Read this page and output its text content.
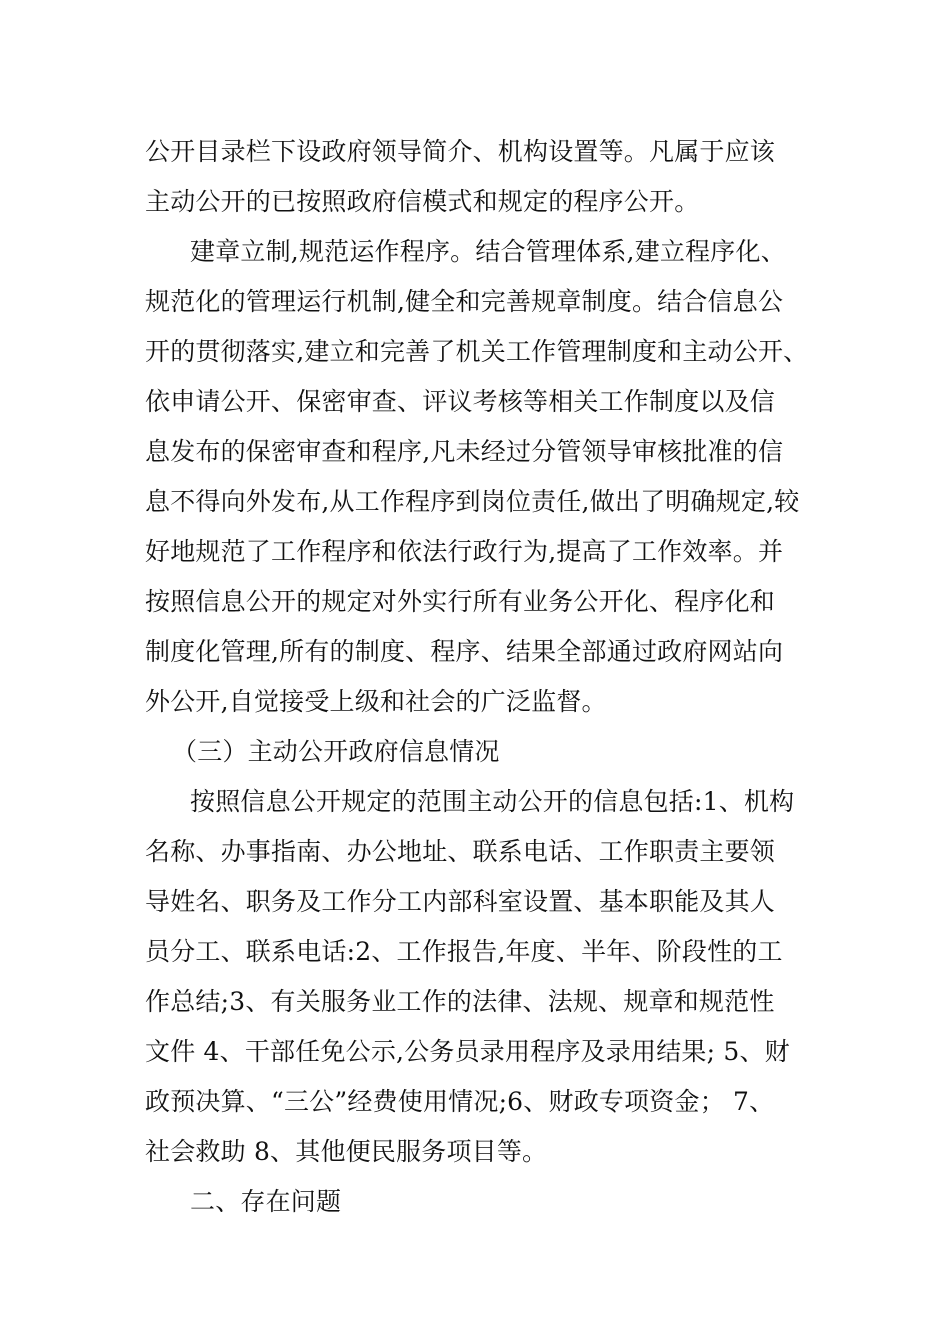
公开目录栏下设政府领导简介、机构设置等。凡属于应该
主动公开的已按照政府信模式和规定的程序公开。
建章立制,规范运作程序。结合管理体系,建立程序化、
规范化的管理运行机制,健全和完善规章制度。结合信息公
开的贯彻落实,建立和完善了机关工作管理制度和主动公开、
依申请公开、保密审查、评议考核等相关工作制度以及信
息发布的保密审查和程序,凡未经过分管领导审核批准的信
息不得向外发布,从工作程序到岗位责任,做出了明确规定,较
好地规范了工作程序和依法行政行为,提高了工作效率。并
按照信息公开的规定对外实行所有业务公开化、程序化和
制度化管理,所有的制度、程序、结果全部通过政府网站向
外公开,自觉接受上级和社会的广泛监督。
（三）主动公开政府信息情况
按照信息公开规定的范围主动公开的信息包括:1、机构
名称、办事指南、办公地址、联系电话、工作职责主要领
导姓名、职务及工作分工内部科室设置、基本职能及其人
员分工、联系电话:2、工作报告,年度、半年、阶段性的工
作总结;3、有关服务业工作的法律、法规、规章和规范性
文件 4、干部任免公示,公务员录用程序及录用结果; 5、财
政预决算、“三公”经费使用情况;6、财政专项资金； 7、
社会救助 8、其他便民服务项目等。
二、存在问题
